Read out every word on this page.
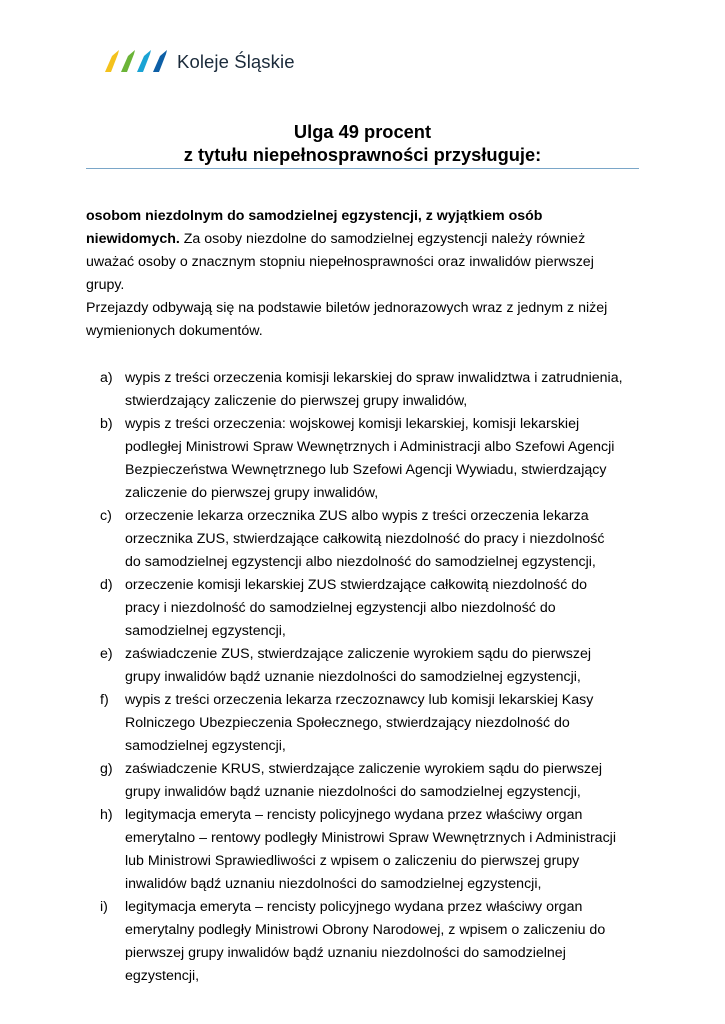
Koleje Śląskie
Ulga 49 procent
z tytułu niepełnosprawności przysługuje:

osobom niezdolnym do samodzielnej egzystencji, z wyjątkiem osób

niewidomych. Za osoby niezdolne do samodzielnej egzystencji należy również

uważać osoby o znacznym stopniu niepełnosprawności oraz inwalidów pierwszej

grupy.

Przejazdy odbywają się na podstawie biletów jednorazowych wraz z jednym z niżej

wymienionych dokumentów.

a) wypis z treści orzeczenia komisji lekarskiej do spraw inwalidztwa i zatrudnienia,
stwierdzający zaliczenie do pierwszej grupy inwalidów,
b) wypis z treści orzeczenia: wojskowej komisji lekarskiej, komisji lekarskiej
podległej Ministrowi Spraw Wewnętrznych i Administracji albo Szefowi Agencji
Bezpieczeństwa Wewnętrznego lub Szefowi Agencji Wywiadu, stwierdzający
zaliczenie do pierwszej grupy inwalidów,
c) orzeczenie lekarza orzecznika ZUS albo wypis z treści orzeczenia lekarza
orzecznika ZUS, stwierdzające całkowitą niezdolność do pracy i niezdolność
do samodzielnej egzystencji albo niezdolność do samodzielnej egzystencji,
d) orzeczenie komisji lekarskiej ZUS stwierdzające całkowitą niezdolność do
pracy i niezdolność do samodzielnej egzystencji albo niezdolność do
samodzielnej egzystencji,
e) zaświadczenie ZUS, stwierdzające zaliczenie wyrokiem sądu do pierwszej
grupy inwalidów bądź uznanie niezdolności do samodzielnej egzystencji,
f)	wypis z treści orzeczenia lekarza rzeczoznawcy lub komisji lekarskiej Kasy
Rolniczego Ubezpieczenia Społecznego, stwierdzający niezdolność do
samodzielnej egzystencji,
g) zaświadczenie KRUS, stwierdzające zaliczenie wyrokiem sądu do pierwszej
grupy inwalidów bądź uznanie niezdolności do samodzielnej egzystencji,
h) legitymacja emeryta – rencisty policyjnego wydana przez właściwy organ
emerytalno – rentowy podległy Ministrowi Spraw Wewnętrznych i Administracji
lub Ministrowi Sprawiedliwości z wpisem o zaliczeniu do pierwszej grupy
inwalidów bądź uznaniu niezdolności do samodzielnej egzystencji,
i)	legitymacja emeryta – rencisty policyjnego wydana przez właściwy organ
emerytalny podległy Ministrowi Obrony Narodowej, z wpisem o zaliczeniu do
pierwszej grupy inwalidów bądź uznaniu niezdolności do samodzielnej
egzystencji,
